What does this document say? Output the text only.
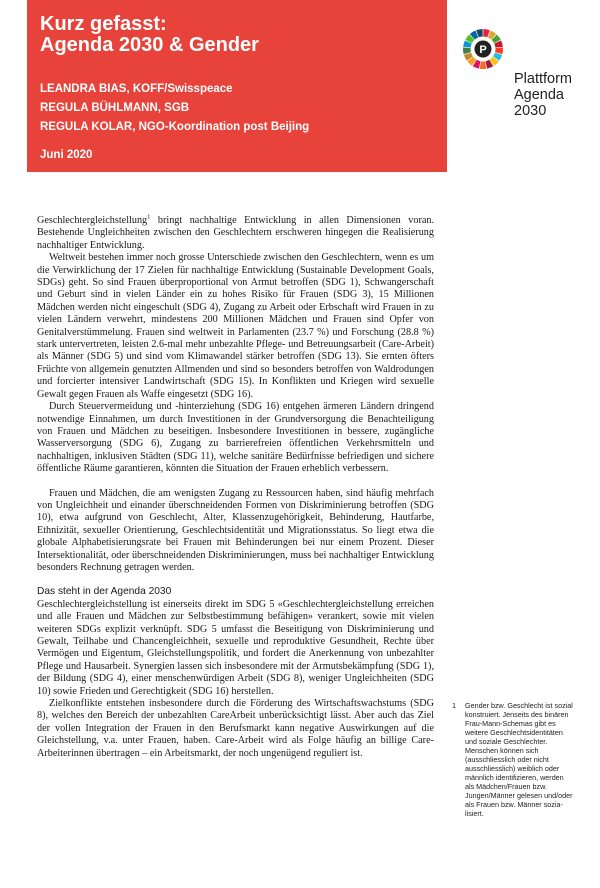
Kurz gefasst:
Agenda 2030 & Gender
LEANDRA BIAS, KOFF/Swisspeace
REGULA BÜHLMANN, SGB
REGULA KOLAR, NGO-Koordination post Beijing
Juni 2020
P
Plattform
Agenda
2030

Geschlechtergleichstellung$^1$ bringt nachhaltige Entwicklung in allen Dimensionen voran. Bestehende Ungleichheiten zwischen den Geschlechtern erschweren hingegen die Realisierung nachhaltiger Entwicklung.

Weltweit bestehen immer noch grosse Unterschiede zwischen den Geschlechtern, wenn es um die Verwirklichung der 17 Zielen für nachhaltige Entwicklung (Sustainable Development Goals, SDGs) geht. So sind Frauen überproportional von Armut betroffen (SDG 1), Schwangerschaft und Geburt sind in vielen Länder ein zu hohes Risiko für Frauen (SDG 3), 15 Millionen Mädchen werden nicht eingeschult (SDG 4), Zugang zu Arbeit oder Erbschaft wird Frauen in zu vielen Ländern verwehrt, mindestens 200 Millionen Mädchen und Frauen sind Opfer von Genitalverstümmelung. Frauen sind weltweit in Parlamenten (23.7 %) und Forschung (28.8 %) stark untervertreten, leisten 2.6-mal mehr unbezahlte Pflege- und Betreuungsarbeit (Care-Arbeit) als Männer (SDG 5) und sind vom Klimawandel stärker betroffen (SDG 13). Sie ernten öfters Früchte von allgemein genutzten Allmenden und sind so besonders betroffen von Waldrodungen und forcierter intensiver Landwirtschaft (SDG 15). In Konflikten und Kriegen wird sexuelle Gewalt gegen Frauen als Waffe eingesetzt (SDG 16).

Durch Steuervermeidung und -hinterziehung (SDG 16) entgehen ärmeren Ländern dringend notwendige Einnahmen, um durch Investitionen in der Grundversorgung die Benachteiligung von Frauen und Mädchen zu beseitigen. Insbesondere Investitionen in bessere, zugängliche Wasserversorgung (SDG 6), Zugang zu barrierefreien öffentlichen Verkehrsmitteln und nachhaltigen, inklusiven Städten (SDG 11), welche sanitäre Bedürfnisse befriedigen und sichere öffentliche Räume garantieren, könnten die Situation der Frauen erheblich verbessern.

Frauen und Mädchen, die am wenigsten Zugang zu Ressourcen haben, sind häufig mehrfach von Ungleichheit und einander überschneidenden Formen von Diskriminierung betroffen (SDG 10), etwa aufgrund von Geschlecht, Alter, Klassenzugehörigkeit, Behinderung, Hautfarbe, Ethnizität, sexueller Orientierung, Geschlechtsidentität und Migrationsstatus. So liegt etwa die globale Alphabetisierungsrate bei Frauen mit Behinderungen bei nur einem Prozent. Dieser Intersektionalität, oder überschneidenden Diskriminierungen, muss bei nachhaltiger Entwicklung besonders Rechnung getragen werden.

Das steht in der Agenda 2030

Geschlechtergleichstellung ist einerseits direkt im SDG 5 «Geschlechtergleichstellung erreichen und alle Frauen und Mädchen zur Selbstbestimmung befähigen» verankert, sowie mit vielen weiteren SDGs explizit verknüpft. SDG 5 umfasst die Beseitigung von Diskriminierung und Gewalt, Teilhabe und Chancengleichheit, sexuelle und reproduktive Gesundheit, Rechte über Vermögen und Eigentum, Gleichstellungspolitik, und fordert die Anerkennung von unbezahlter Pflege und Hausarbeit. Synergien lassen sich insbesondere mit der Armutsbekämpfung (SDG 1), der Bildung (SDG 4), einer menschenwürdigen Arbeit (SDG 8), weniger Ungleichheiten (SDG 10) sowie Frieden und Gerechtigkeit (SDG 16) herstellen.

Zielkonflikte entstehen insbesondere durch die Förderung des Wirtschaftswachstums (SDG 8), welches den Bereich der unbezahlten CareArbeit unberücksichtigt lässt. Aber auch das Ziel der vollen Integration der Frauen in den Berufsmarkt kann negative Auswirkungen auf die Gleichstellung, v.a. unter Frauen, haben. Care-Arbeit wird als Folge häufig an billige Care-Arbeiterinnen übertragen – ein Arbeitsmarkt, der noch ungenügend reguliert ist.

1 Gender bzw. Geschlecht ist sozial konstruiert. Jenseits des binären Frau-Mann-Schemas gibt es weitere Geschlechtsidentitäten und soziale Geschlechter. Menschen können sich (ausschliesslich oder nicht ausschliesslich) weiblich oder männlich identifizieren, werden als Mädchen/Frauen bzw. Jungen/Männer gelesen und/oder als Frauen bzw. Männer sozia- lisiert.
